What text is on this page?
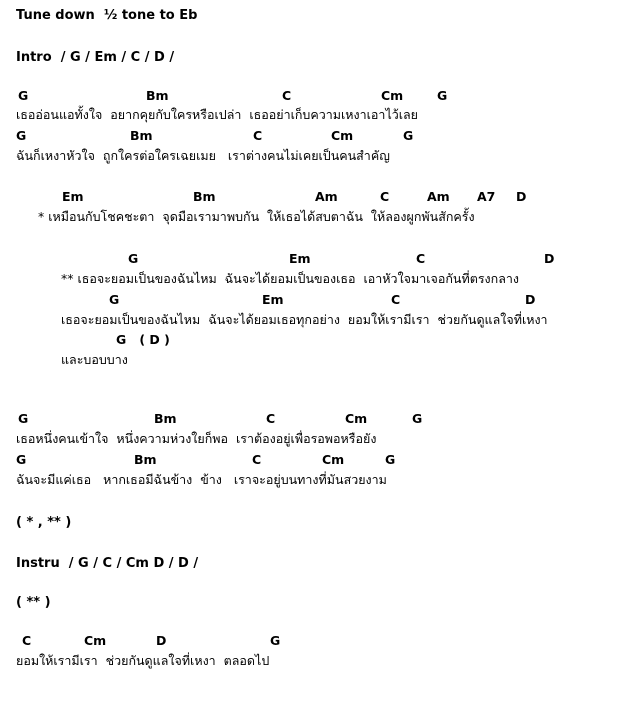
Tune down  ½ tone to Eb
Intro  / G / Em / C / D /

G

	Bm

	C

	Cm

	G

เธออ่อนแอทั้งใจ  อยากคุยกับใครหรือเปล่า  เธออย่าเก็บความเหงาเอาไว้เลย

G

	Bm

	C

	Cm

	G

ฉันก็เหงาหัวใจ  ถูกใครต่อใครเฉยเมย   เราต่างคนไม่เคยเป็นคนสำคัญ

Em

	Bm

	Am

	C

	Am

A7

D

* เหมือนกับโชคชะตา  จุดมือเรามาพบกัน  ให้เธอได้สบตาฉัน  ให้ลองผูกพันสักครั้ง

G

	Em

	C

	D

** เธอจะยอมเป็นของฉันไหม  ฉันจะได้ยอมเป็นของเธอ  เอาหัวใจมาเจอกันที่ตรงกลาง

G

	Em

	C

	D

เธอจะยอมเป็นของฉันไหม  ฉันจะได้ยอมเธอทุกอย่าง  ยอมให้เรามีเรา  ช่วยกันดูแลใจที่เหงา

G   ( D )

และบอบบาง

G

	Bm

	C

	Cm

	G

เธอหนึ่งคนเข้าใจ  หนึ่งความห่วงใยก็พอ  เราต้องอยู่เพื่อรอพอหรือยัง

G

	Bm

	C

	Cm

	G

ฉันจะมีแค่เธอ   หากเธอมีฉันข้าง  ข้าง   เราจะอยู่บนทางที่มันสวยงาม
( * , ** )
Instru  / G / C / Cm D / D /
( ** )

C

	Cm

	D

	G

ยอมให้เรามีเรา  ช่วยกันดูแลใจที่เหงา  ตลอดไป
